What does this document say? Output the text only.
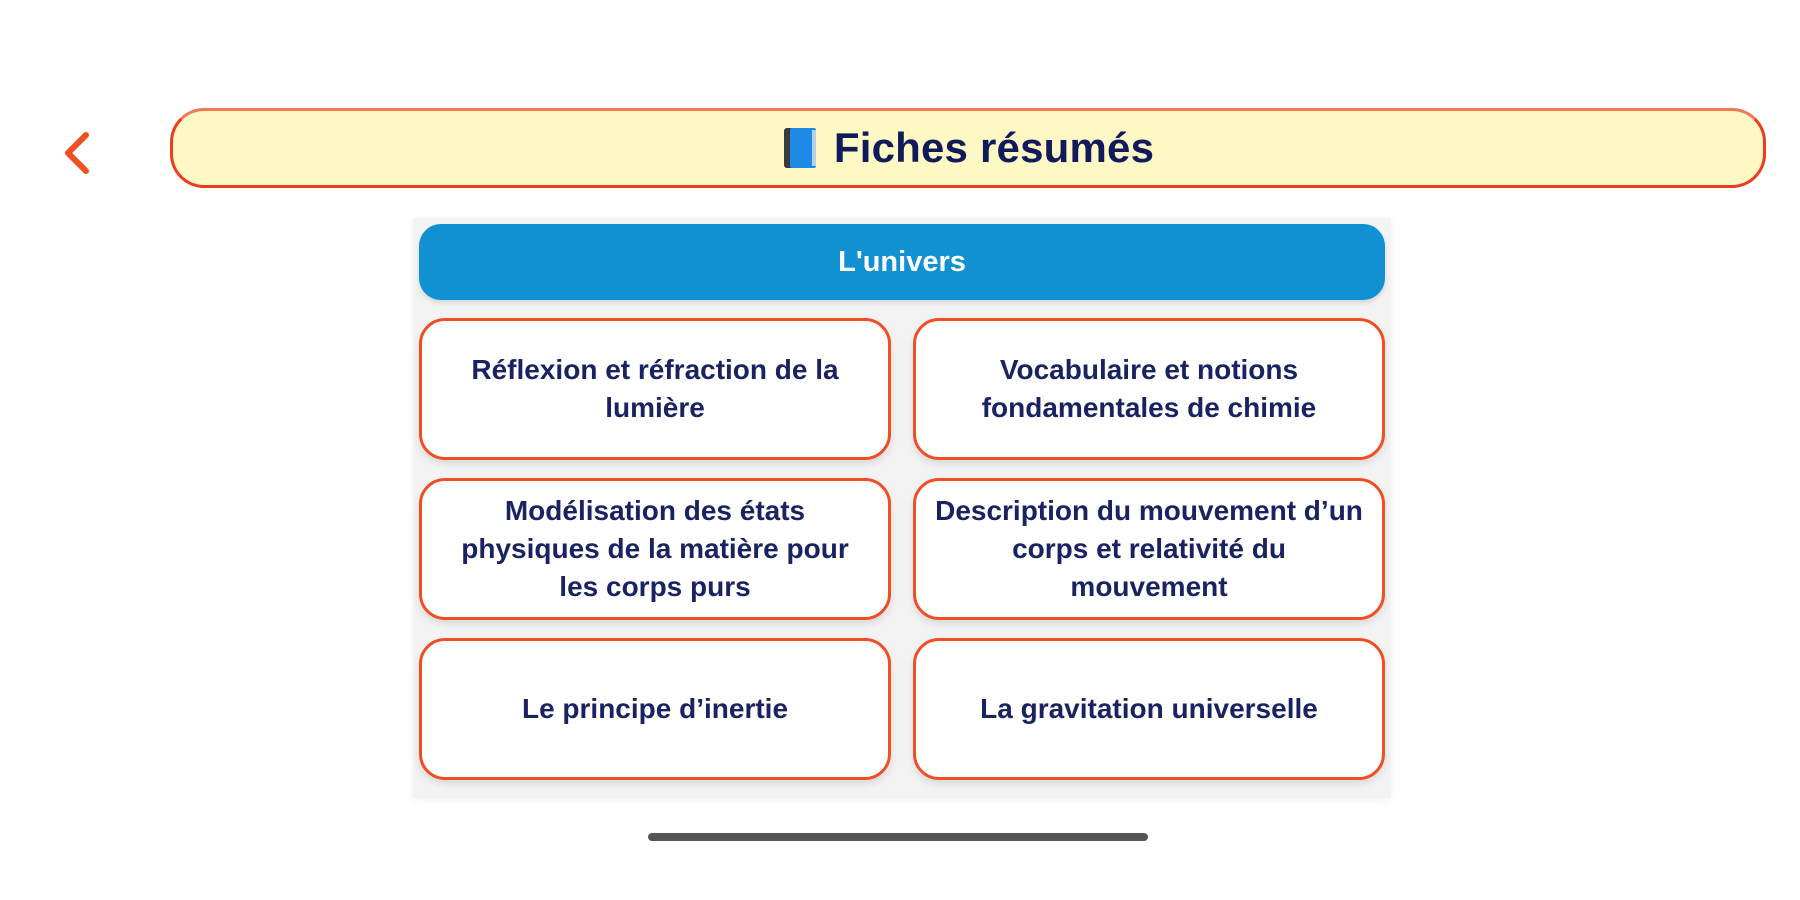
Fiches résumés
L'univers
Réflexion et réfraction de la lumière
Vocabulaire et notions fondamentales de chimie
Modélisation des états physiques de la matière pour les corps purs
Description du mouvement d’un corps et relativité du mouvement
Le principe d’inertie	La gravitation universelle
